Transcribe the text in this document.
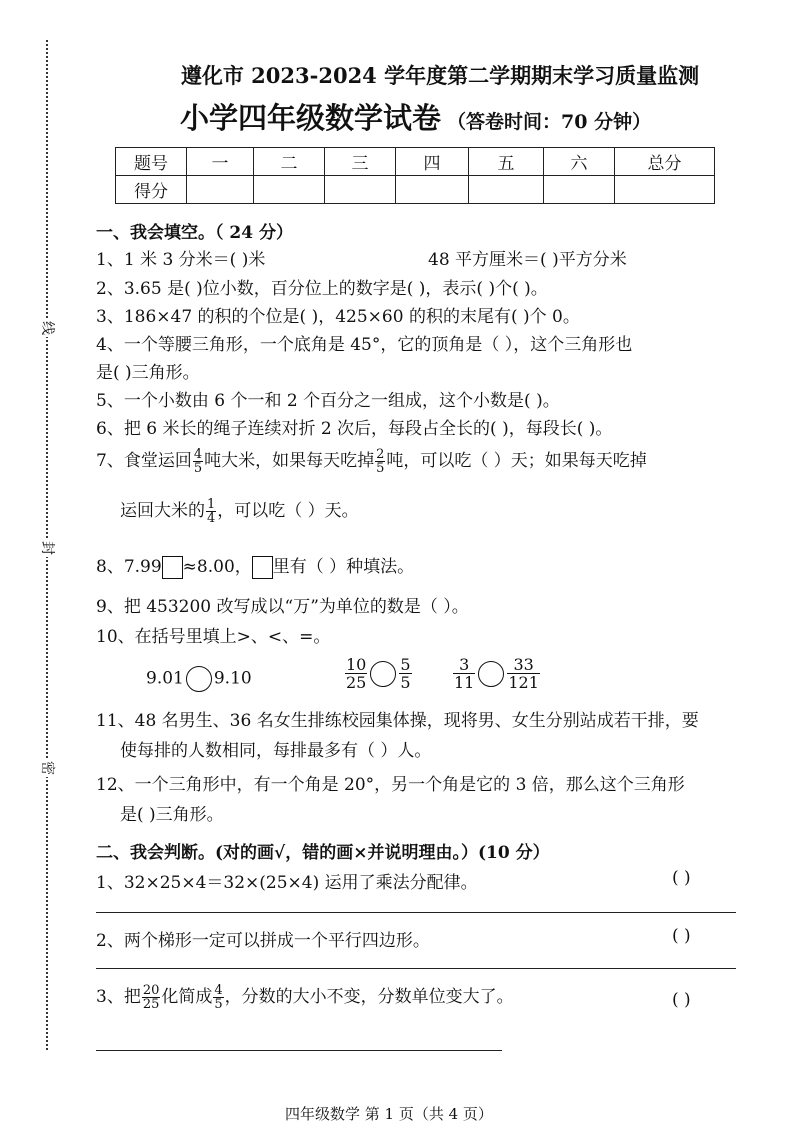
线
封
密
遵化市 2023-2024 学年度第二学期期末学习质量监测
小学四年级数学试卷 （答卷时间：70 分钟）
题号	一	二	三	四	五	六	总分
得分							
一、我会填空。（ 24 分）
1、1 米 3 分米＝( )米	48 平方厘米＝( )平方分米
2、3.65 是( )位小数，百分位上的数字是( )，表示( )个( )。
3、186×47 的积的个位是( )，425×60 的积的末尾有( )个 0。
4、一个等腰三角形，一个底角是 45°，它的顶角是（ ），这个三角形也
是( )三角形。
5、一个小数由 6 个一和 2 个百分之一组成，这个小数是( )。
6、把 6 米长的绳子连续对折 2 次后，每段占全长的( )，每段长( )。
7、食堂运回 $\frac{4}{5}$ 吨大米，如果每天吃掉 $\frac{2}{5}$ 吨，可以吃（ ）天；如果每天吃掉
运回大米的 $\frac{1}{4}$ ，可以吃（ ）天。
8、7.99 ≈8.00， 里有（ ）种填法。
9、把 453200 改写成以“万”为单位的数是（ ）。
10、在括号里填上>、<、=。
9.01 9.10	$\frac{10}{25} \frac{5}{5}$	$\frac{3}{11} \frac{33}{121}$
11、48 名男生、36 名女生排练校园集体操，现将男、女生分别站成若干排，要
使每排的人数相同，每排最多有（ ）人。
12、一个三角形中，有一个角是 20°，另一个角是它的 3 倍，那么这个三角形
是( )三角形。
二、我会判断。(对的画√，错的画×并说明理由。）(10 分）
1、32×25×4＝32×(25×4) 运用了乘法分配律。	( )
2、两个梯形一定可以拼成一个平行四边形。	( )
3、把 $\frac{20}{25}$ 化简成 $\frac{4}{5}$ ，分数的大小不变，分数单位变大了。	( )
四年级数学 第 1 页（共 4 页）
